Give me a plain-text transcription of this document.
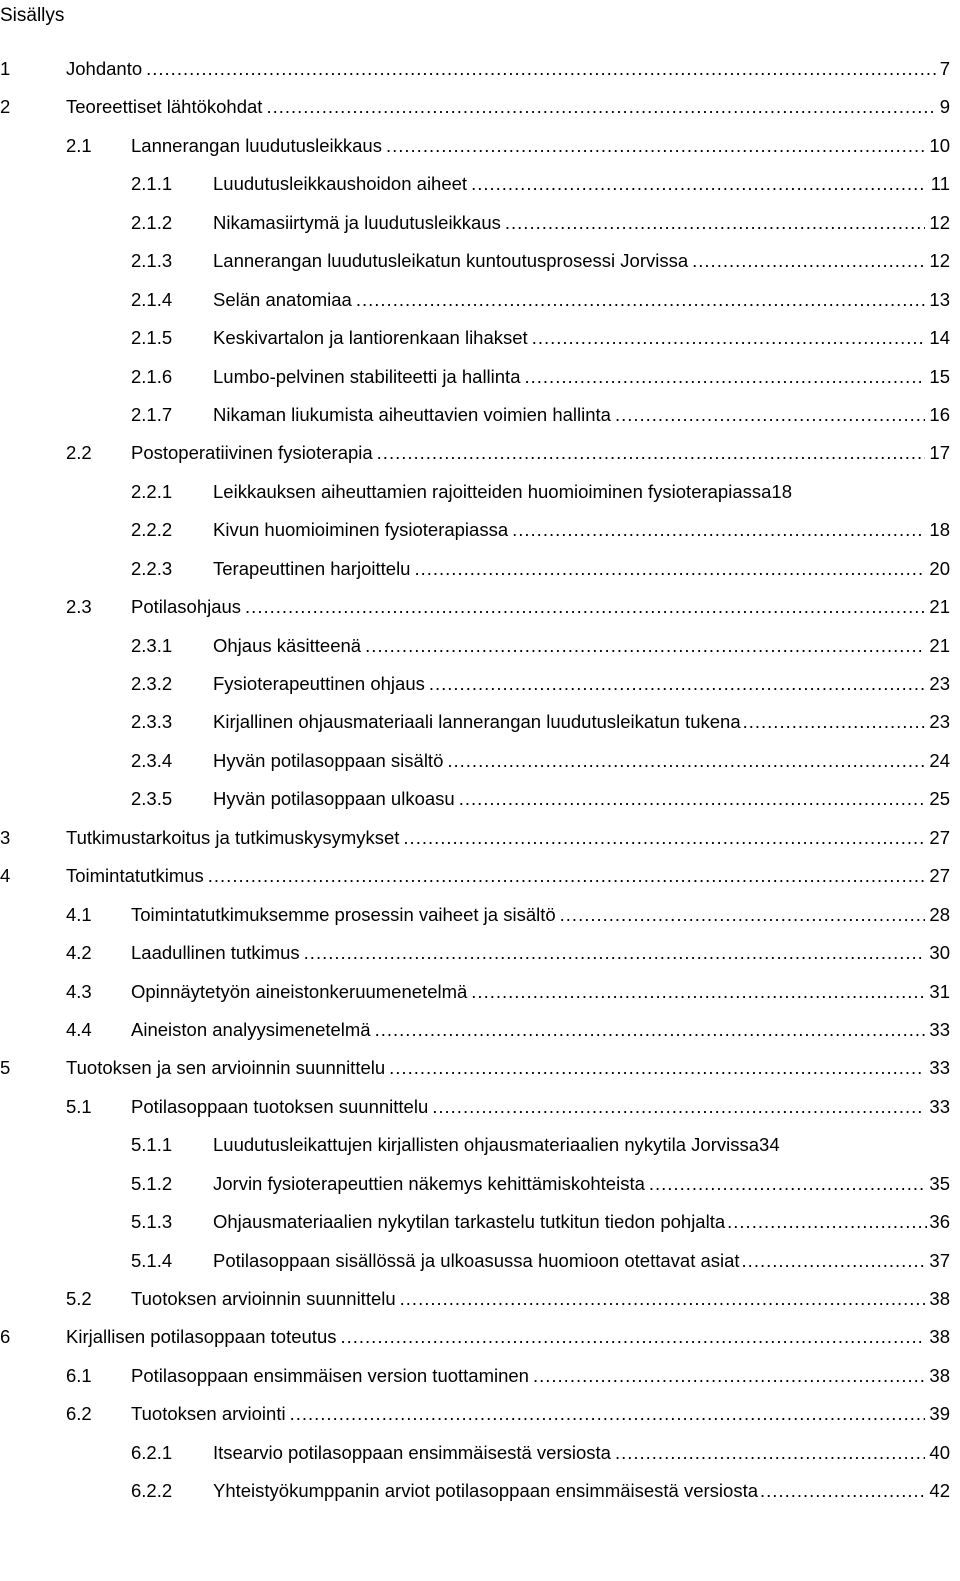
Sisällys
1	Johdanto .....	7
2	Teoreettiset lähtökohdat .....	9
2.1 Lannerangan luudutusleikkaus .....	10
2.1.1 Luudutusleikkaushoidon aiheet .....	11
2.1.2 Nikamasiirtymä ja luudutusleikkaus .....	12
2.1.3 Lannerangan luudutusleikatun kuntoutusprosessi Jorvissa .....	12
2.1.4 Selän anatomiaa .....	13
2.1.5 Keskivartalon ja lantiorenkaan lihakset .....	14
2.1.6 Lumbo-pelvinen stabiliteetti ja hallinta .....	15
2.1.7 Nikaman liukumista aiheuttavien voimien hallinta .....	16
2.2 Postoperatiivinen fysioterapia .....	17
2.2.1 Leikkauksen aiheuttamien rajoitteiden huomioiminen fysioterapiassa 18
2.2.2 Kivun huomioiminen fysioterapiassa .....	18
2.2.3 Terapeuttinen harjoittelu .....	20
2.3 Potilasohjaus .....	21
2.3.1 Ohjaus käsitteenä .....	21
2.3.2 Fysioterapeuttinen ohjaus .....	23
2.3.3 Kirjallinen ohjausmateriaali lannerangan luudutusleikatun tukena .....	23
2.3.4 Hyvän potilasoppaan sisältö .....	24
2.3.5 Hyvän potilasoppaan ulkoasu .....	25
3	Tutkimustarkoitus ja tutkimuskysymykset .....	27
4	Toimintatutkimus .....	27
4.1 Toimintatutkimuksemme prosessin vaiheet ja sisältö .....	28
4.2 Laadullinen tutkimus .....	30
4.3 Opinnäytetyön aineistonkeruumenetelmä .....	31
4.4 Aineiston analyysimenetelmä .....	33
5	Tuotoksen ja sen arvioinnin suunnittelu .....	33
5.1 Potilasoppaan tuotoksen suunnittelu .....	33
5.1.1 Luudutusleikattujen kirjallisten ohjausmateriaalien nykytila Jorvissa 34
5.1.2 Jorvin fysioterapeuttien näkemys kehittämiskohteista .....	35
5.1.3 Ohjausmateriaalien nykytilan tarkastelu tutkitun tiedon pohjalta .....	36
5.1.4 Potilasoppaan sisällössä ja ulkoasussa huomioon otettavat asiat .....	37
5.2 Tuotoksen arvioinnin suunnittelu .....	38
6	Kirjallisen potilasoppaan toteutus .....	38
6.1 Potilasoppaan ensimmäisen version tuottaminen .....	38
6.2 Tuotoksen arviointi .....	39
6.2.1 Itsearvio potilasoppaan ensimmäisestä versiosta .....	40
6.2.2 Yhteistyökumppanin arviot potilasoppaan ensimmäisestä versiosta .....	42
